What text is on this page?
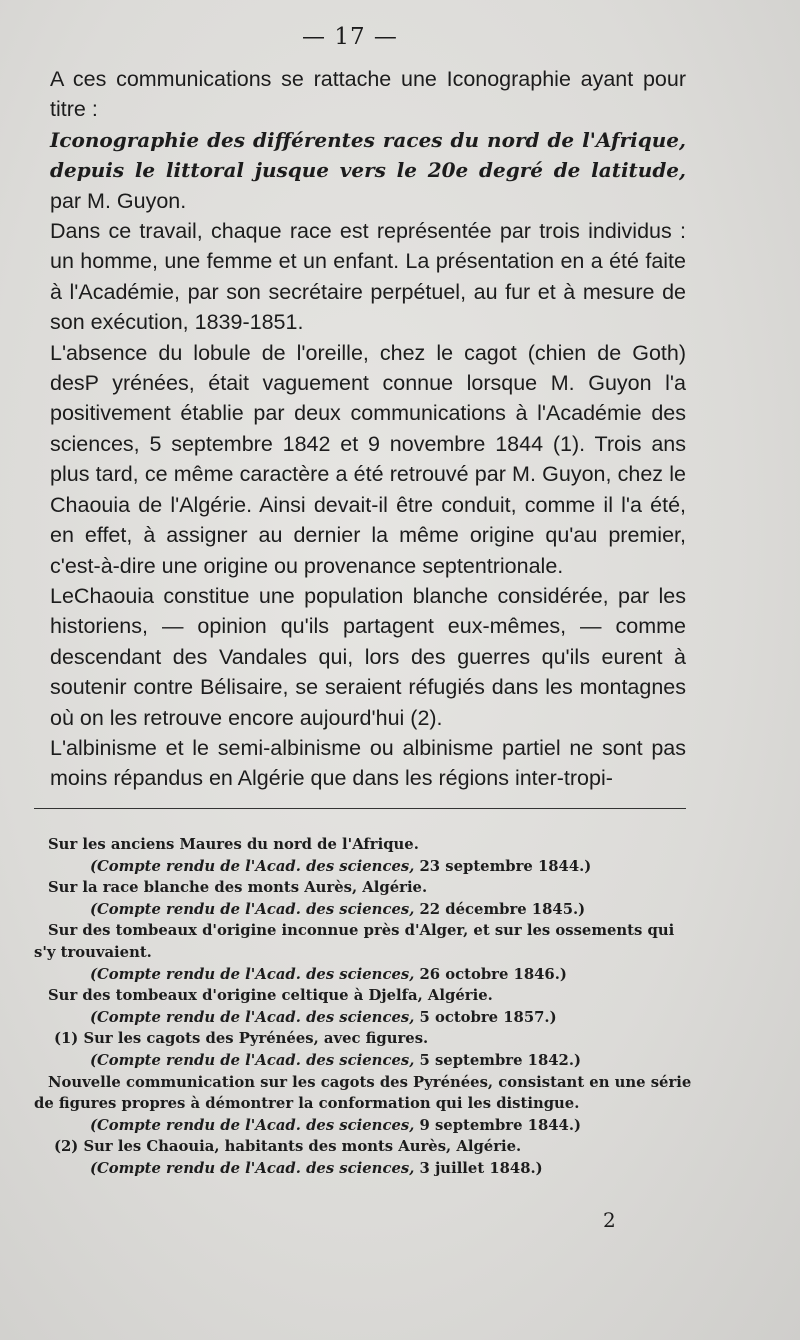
— 17 —

A ces communications se rattache une Iconographie ayant pour titre :
Iconographie des différentes races du nord de l'Afrique, depuis le littoral jusque vers le 20e degré de latitude, par M. Guyon.

Dans ce travail, chaque race est représentée par trois individus : un homme, une femme et un enfant. La présentation en a été faite à l'Académie, par son secrétaire perpétuel, au fur et à mesure de son exécution, 1839-1851.

L'absence du lobule de l'oreille, chez le cagot (chien de Goth) desP yrénées, était vaguement connue lorsque M. Guyon l'a positivement établie par deux communications à l'Académie des sciences, 5 septembre 1842 et 9 novembre 1844 (1). Trois ans plus tard, ce même caractère a été retrouvé par M. Guyon, chez le Chaouia de l'Algérie. Ainsi devait-il être conduit, comme il l'a été, en effet, à assigner au dernier la même origine qu'au premier, c'est-à-dire une origine ou provenance septentrionale.

LeChaouia constitue une population blanche considérée, par les historiens, — opinion qu'ils partagent eux-mêmes, — comme descendant des Vandales qui, lors des guerres qu'ils eurent à soutenir contre Bélisaire, se seraient réfugiés dans les montagnes où on les retrouve encore aujourd'hui (2).

L'albinisme et le semi-albinisme ou albinisme partiel ne sont pas moins répandus en Algérie que dans les régions inter-tropi-

Sur les anciens Maures du nord de l'Afrique.
(Compte rendu de l'Acad. des sciences, 23 septembre 1844.)
Sur la race blanche des monts Aurès, Algérie.
(Compte rendu de l'Acad. des sciences, 22 décembre 1845.)
Sur des tombeaux d'origine inconnue près d'Alger, et sur les ossements qui
s'y trouvaient.
(Compte rendu de l'Acad. des sciences, 26 octobre 1846.)
Sur des tombeaux d'origine celtique à Djelfa, Algérie.
(Compte rendu de l'Acad. des sciences, 5 octobre 1857.)
(1) Sur les cagots des Pyrénées, avec figures.
(Compte rendu de l'Acad. des sciences, 5 septembre 1842.)
Nouvelle communication sur les cagots des Pyrénées, consistant en une série
de figures propres à démontrer la conformation qui les distingue.
(Compte rendu de l'Acad. des sciences, 9 septembre 1844.)
(2) Sur les Chaouia, habitants des monts Aurès, Algérie.
(Compte rendu de l'Acad. des sciences, 3 juillet 1848.)
2
